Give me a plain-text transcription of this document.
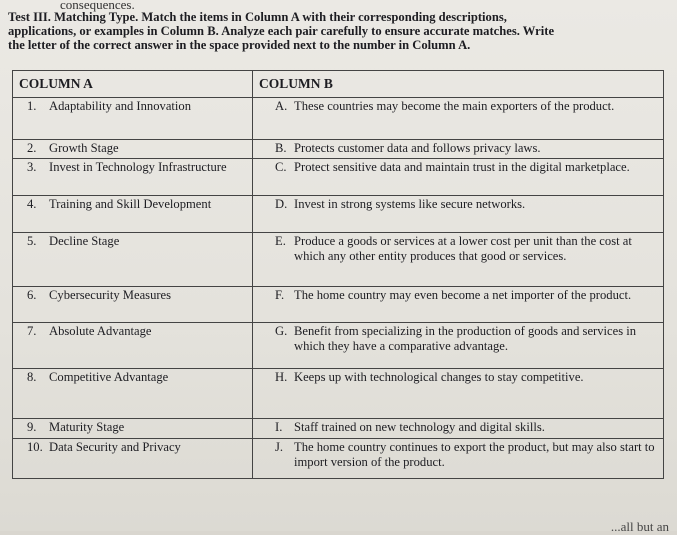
consequences.
Test III. Matching Type. Match the items in Column A with their corresponding descriptions,
applications, or examples in Column B. Analyze each pair carefully to ensure accurate matches. Write
the letter of the correct answer in the space provided next to the number in Column A.
COLUMN A	COLUMN B

1. Adaptability and Innovation	A. These countries may become the main exporters of the product.

2. Growth Stage	B. Protects customer data and follows privacy laws.

3. Invest in Technology Infrastructure	C. Protect sensitive data and maintain trust in the digital marketplace.

4. Training and Skill Development	D. Invest in strong systems like secure networks.

5. Decline Stage	E. Produce a goods or services at a lower cost per unit than the cost at which any other entity produces that good or services.

6. Cybersecurity Measures	F. The home country may even become a net importer of the product.

7. Absolute Advantage	G. Benefit from specializing in the production of goods and services in which they have a comparative advantage.

8. Competitive Advantage	H. Keeps up with technological changes to stay competitive.

9. Maturity Stage	I. Staff trained on new technology and digital skills.

10. Data Security and Privacy	J. The home country continues to export the product, but may also start to import version of the product.
...all but an
